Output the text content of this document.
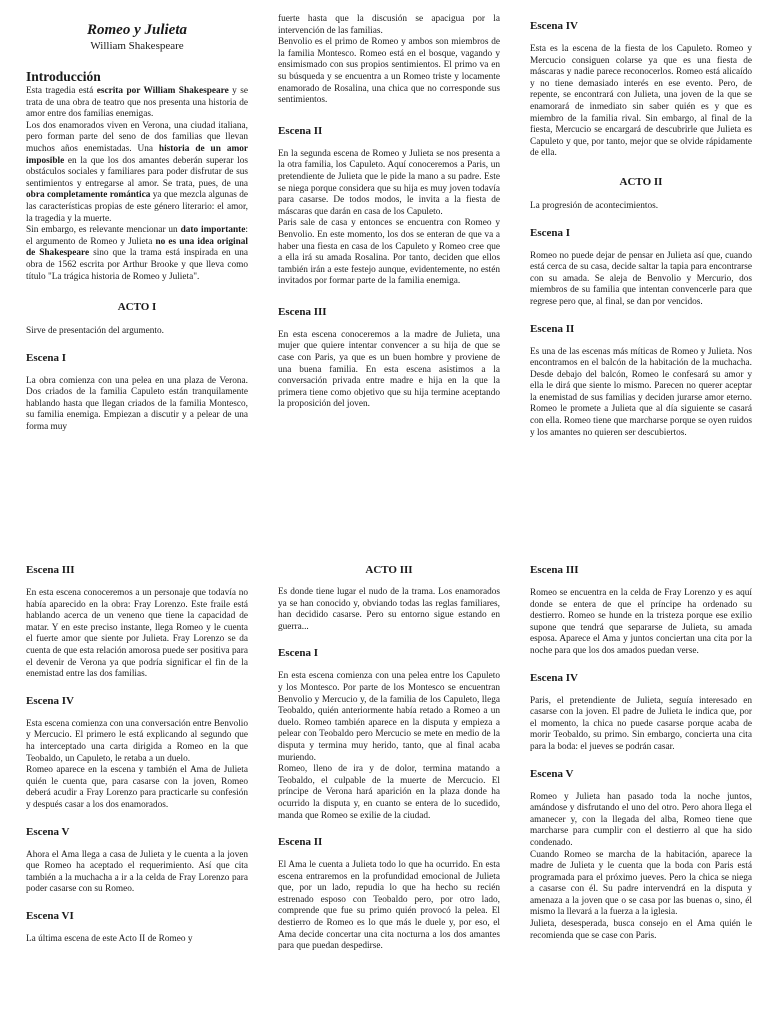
Romeo y Julieta
William Shakespeare
Introducción

Esta tragedia está escrita por William Shakespeare y se trata de una obra de teatro que nos presenta una historia de amor entre dos familias enemigas.

Los dos enamorados viven en Verona, una ciudad italiana, pero forman parte del seno de dos familias que llevan muchos años enemistadas. Una historia de un amor imposible en la que los dos amantes deberán superar los obstáculos sociales y familiares para poder disfrutar de sus sentimientos y entregarse al amor. Se trata, pues, de una obra completamente romántica ya que mezcla algunas de las características propias de este género literario: el amor, la tragedia y la muerte.

Sin embargo, es relevante mencionar un dato importante: el argumento de Romeo y Julieta no es una idea original de Shakespeare sino que la trama está inspirada en una obra de 1562 escrita por Arthur Brooke y que lleva como título "La trágica historia de Romeo y Julieta".

ACTO I

Sirve de presentación del argumento.

Escena I

La obra comienza con una pelea en una plaza de Verona. Dos criados de la familia Capuleto están tranquilamente hablando hasta que llegan criados de la familia Montesco, su familia enemiga. Empiezan a discutir y a pelear de una forma muy

fuerte hasta que la discusión se apacigua por la intervención de las familias.
Benvolio es el primo de Romeo y ambos son miembros de la familia Montesco. Romeo está en el bosque, vagando y ensimismado con sus propios sentimientos. El primo va en su búsqueda y se encuentra a un Romeo triste y locamente enamorado de Rosalina, una chica que no corresponde sus sentimientos.

Escena II

En la segunda escena de Romeo y Julieta se nos presenta a la otra familia, los Capuleto. Aquí conoceremos a Paris, un pretendiente de Julieta que le pide la mano a su padre. Este se niega porque considera que su hija es muy joven todavía para casarse. De todos modos, le invita a la fiesta de máscaras que darán en casa de los Capuleto.
Paris sale de casa y entonces se encuentra con Romeo y Benvolio. En este momento, los dos se enteran de que va a haber una fiesta en casa de los Capuleto y Romeo cree que a ella irá su amada Rosalina. Por tanto, deciden que ellos también irán a este festejo aunque, evidentemente, no estén invitados por formar parte de la familia enemiga.

Escena III

En esta escena conoceremos a la madre de Julieta, una mujer que quiere intentar convencer a su hija de que se case con Paris, ya que es un buen hombre y proviene de una buena familia. En esta escena asistimos a la conversación privada entre madre e hija en la que la primera tiene como objetivo que su hija termine aceptando la proposición del joven.

Escena IV

Esta es la escena de la fiesta de los Capuleto. Romeo y Mercucio consiguen colarse ya que es una fiesta de máscaras y nadie parece reconocerlos. Romeo está alicaído y no tiene demasiado interés en ese evento. Pero, de repente, se encontrará con Julieta, una joven de la que se enamorará de inmediato sin saber quién es y que es miembro de la familia rival. Sin embargo, al final de la fiesta, Mercucio se encargará de descubrirle que Julieta es Capuleto y que, por tanto, mejor que se olvide rápidamente de ella.

ACTO II

La progresión de acontecimientos.

Escena I

Romeo no puede dejar de pensar en Julieta así que, cuando está cerca de su casa, decide saltar la tapia para encontrarse con su amada. Se aleja de Benvolio y Mercurio, dos miembros de su familia que intentan convencerle para que regrese pero que, al final, se dan por vencidos.

Escena II

Es una de las escenas más míticas de Romeo y Julieta. Nos encontramos en el balcón de la habitación de la muchacha. Desde debajo del balcón, Romeo le confesará su amor y ella le dirá que siente lo mismo. Parecen no querer aceptar la enemistad de sus familias y deciden jurarse amor eterno. Romeo le promete a Julieta que al día siguiente se casará con ella. Romeo tiene que marcharse porque se oyen ruidos y los amantes no quieren ser descubiertos.

Escena III

En esta escena conoceremos a un personaje que todavía no había aparecido en la obra: Fray Lorenzo. Este fraile está hablando acerca de un veneno que tiene la capacidad de matar. Y en este preciso instante, llega Romeo y le cuenta el fuerte amor que siente por Julieta. Fray Lorenzo se da cuenta de que esta relación amorosa puede ser positiva para el devenir de Verona ya que podría significar el fin de la enemistad entre las dos familias.

Escena IV

Esta escena comienza con una conversación entre Benvolio y Mercucio. El primero le está explicando al segundo que ha interceptado una carta dirigida a Romeo en la que Teobaldo, un Capuleto, le retaba a un duelo.
Romeo aparece en la escena y también el Ama de Julieta quién le cuenta que, para casarse con la joven, Romeo deberá acudir a Fray Lorenzo para practicarle su confesión y después casar a los dos enamorados.

Escena V

Ahora el Ama llega a casa de Julieta y le cuenta a la joven que Romeo ha aceptado el requerimiento. Así que cita también a la muchacha a ir a la celda de Fray Lorenzo para poder casarse con su Romeo.

Escena VI

La última escena de este Acto II de Romeo y

ACTO III

Es donde tiene lugar el nudo de la trama. Los enamorados ya se han conocido y, obviando todas las reglas familiares, han decidido casarse. Pero su entorno sigue estando en guerra...

Escena I

En esta escena comienza con una pelea entre los Capuleto y los Montesco. Por parte de los Montesco se encuentran Benvolio y Mercucio y, de la familia de los Capuleto, llega Teobaldo, quién anteriormente había retado a Romeo a un duelo. Romeo también aparece en la disputa y empieza a pelear con Teobaldo pero Mercucio se mete en medio de la disputa y termina muy herido, tanto, que al final acaba muriendo.
Romeo, lleno de ira y de dolor, termina matando a Teobaldo, el culpable de la muerte de Mercucio. El príncipe de Verona hará aparición en la plaza donde ha ocurrido la disputa y, en cuanto se entera de lo sucedido, manda que Romeo se exilie de la ciudad.

Escena II

El Ama le cuenta a Julieta todo lo que ha ocurrido. En esta escena entraremos en la profundidad emocional de Julieta que, por un lado, repudia lo que ha hecho su recién estrenado esposo con Teobaldo pero, por otro lado, comprende que fue su primo quién provocó la pelea. El destierro de Romeo es lo que más le duele y, por eso, el Ama decide concertar una cita nocturna a los dos amantes para que puedan despedirse.

Escena III

Romeo se encuentra en la celda de Fray Lorenzo y es aquí donde se entera de que el príncipe ha ordenado su destierro. Romeo se hunde en la tristeza porque ese exilio supone que tendrá que separarse de Julieta, su amada esposa. Aparece el Ama y juntos conciertan una cita por la noche para que los dos amados puedan verse.

Escena IV

Paris, el pretendiente de Julieta, seguía interesado en casarse con la joven. El padre de Julieta le indica que, por el momento, la chica no puede casarse porque acaba de morir Teobaldo, su primo. Sin embargo, concierta una cita para la boda: el jueves se podrán casar.

Escena V

Romeo y Julieta han pasado toda la noche juntos, amándose y disfrutando el uno del otro. Pero ahora llega el amanecer y, con la llegada del alba, Romeo tiene que marcharse para cumplir con el destierro al que ha sido condenado.
Cuando Romeo se marcha de la habitación, aparece la madre de Julieta y le cuenta que la boda con Paris está programada para el próximo jueves. Pero la chica se niega a casarse con él. Su padre intervendrá en la disputa y amenaza a la joven que o se casa por las buenas o, sino, él mismo la llevará a la fuerza a la iglesia.
Julieta, desesperada, busca consejo en el Ama quién le recomienda que se case con Paris.
